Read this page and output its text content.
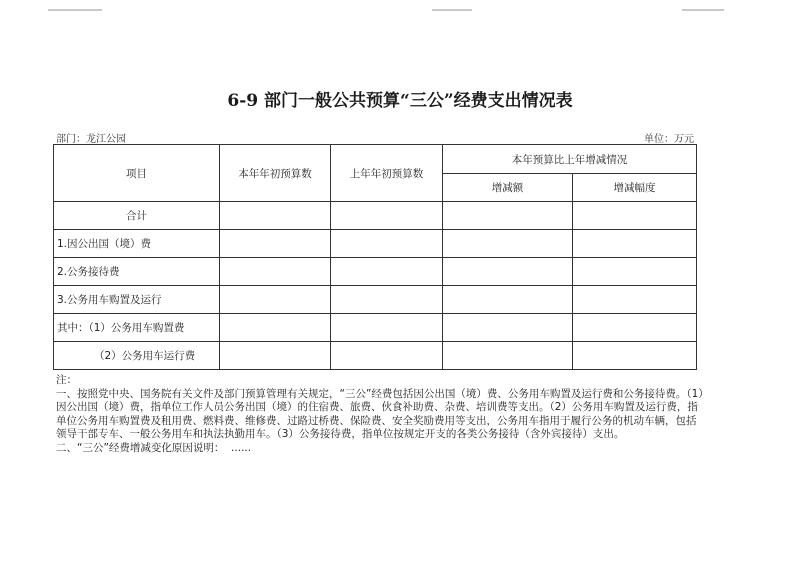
6-9 部门一般公共预算“三公”经费支出情况表
部门：龙江公园	单位：万元
项目	本年年初预算数	上年年初预算数	本年预算比上年增减情况	
			增减额	增减幅度
合计				
1.因公出国（境）费				
2.公务接待费				
3.公务用车购置及运行				
其中：（1）公务用车购置费				
（2）公务用车运行费				

注：

一、按照党中央、国务院有关文件及部门预算管理有关规定，“三公”经费包括因公出国（境）费、公务用车购置及运行费和公务接待费。（1）因公出国（境）费，指单位工作人员公务出国（境）的住宿费、旅费、伙食补助费、杂费、培训费等支出。（2）公务用车购置及运行费，指单位公务用车购置费及租用费、燃料费、维修费、过路过桥费、保险费、安全奖励费用等支出，公务用车指用于履行公务的机动车辆，包括领导干部专车、一般公务用车和执法执勤用车。（3）公务接待费，指单位按规定开支的各类公务接待（含外宾接待）支出。

二、“三公”经费增减变化原因说明：  ......
